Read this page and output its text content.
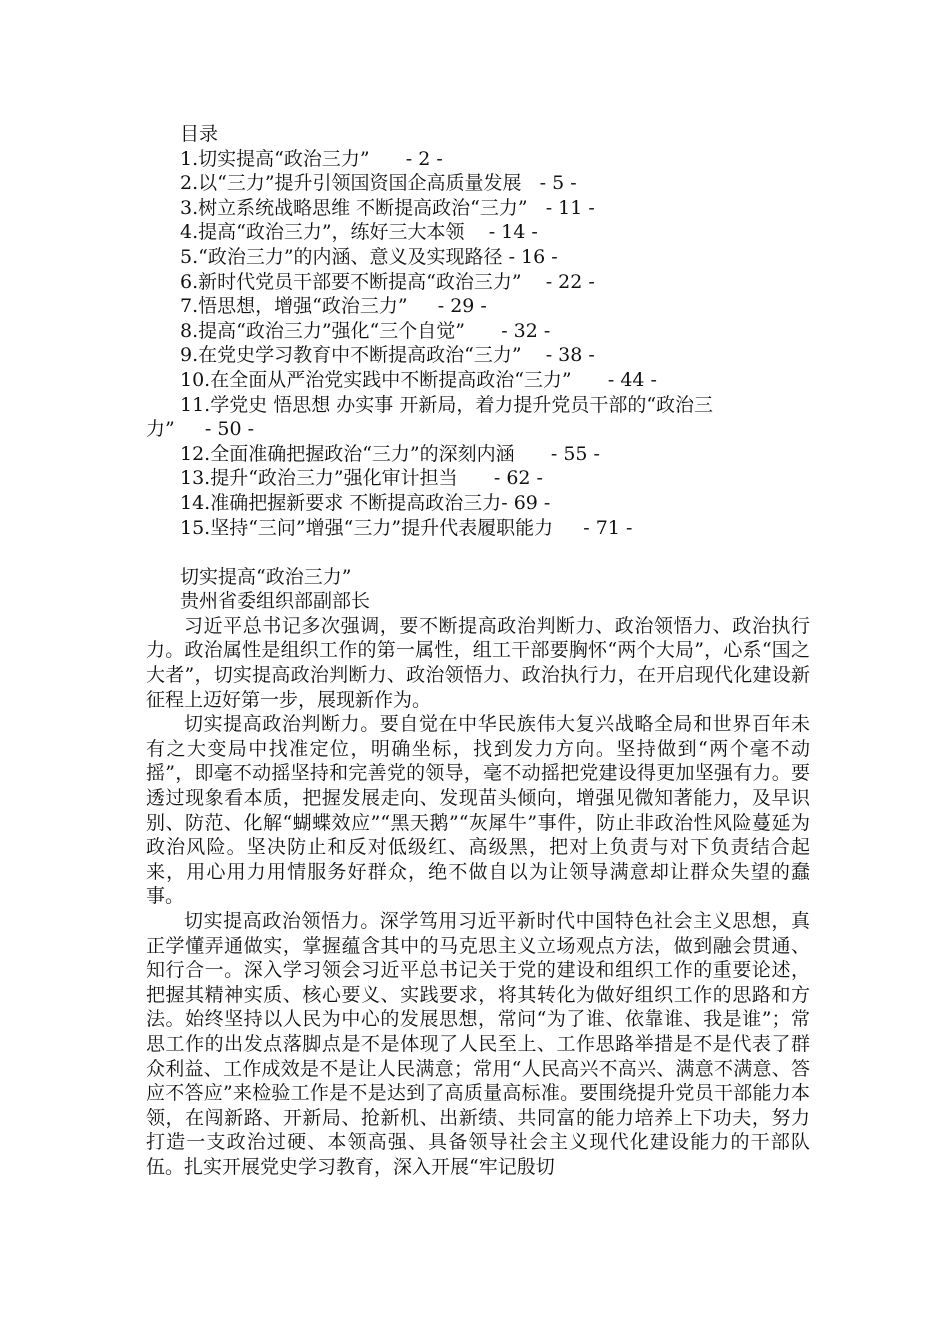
目录
1.切实提高“政治三力”      - 2 -
2.以“三力”提升引领国资国企高质量发展   - 5 -
3.树立系统战略思维 不断提高政治“三力”   - 11 -
4.提高“政治三力”，练好三大本领    - 14 -
5.“政治三力”的内涵、意义及实现路径 - 16 -
6.新时代党员干部要不断提高“政治三力”    - 22 -
7.悟思想，增强“政治三力”     - 29 -
8.提高“政治三力”强化“三个自觉”      - 32 -
9.在党史学习教育中不断提高政治“三力”    - 38 -
10.在全面从严治党实践中不断提高政治“三力”      - 44 -
11.学党史 悟思想 办实事 开新局，着力提升党员干部的“政治三
力”     - 50 -
12.全面准确把握政治“三力”的深刻内涵      - 55 -
13.提升“政治三力”强化审计担当      - 62 -
14.准确把握新要求 不断提高政治三力- 69 -
15.坚持“三问”增强“三力”提升代表履职能力     - 71 -
切实提高“政治三力”
贵州省委组织部副部长

习近平总书记多次强调，要不断提高政治判断力、政治领悟力、政治执行力。政治属性是组织工作的第一属性，组工干部要胸怀“两个大局”，心系“国之大者”，切实提高政治判断力、政治领悟力、政治执行力，在开启现代化建设新征程上迈好第一步，展现新作为。

切实提高政治判断力。要自觉在中华民族伟大复兴战略全局和世界百年未有之大变局中找准定位，明确坐标，找到发力方向。坚持做到“两个毫不动摇”，即毫不动摇坚持和完善党的领导，毫不动摇把党建设得更加坚强有力。要透过现象看本质，把握发展走向、发现苗头倾向，增强见微知著能力，及早识别、防范、化解“蝴蝶效应”“黑天鹅”“灰犀牛”事件，防止非政治性风险蔓延为政治风险。坚决防止和反对低级红、高级黑，把对上负责与对下负责结合起来，用心用力用情服务好群众，绝不做自以为让领导满意却让群众失望的蠢事。

切实提高政治领悟力。深学笃用习近平新时代中国特色社会主义思想，真正学懂弄通做实，掌握蕴含其中的马克思主义立场观点方法，做到融会贯通、知行合一。深入学习领会习近平总书记关于党的建设和组织工作的重要论述，把握其精神实质、核心要义、实践要求，将其转化为做好组织工作的思路和方法。始终坚持以人民为中心的发展思想，常问“为了谁、依靠谁、我是谁”；常思工作的出发点落脚点是不是体现了人民至上、工作思路举措是不是代表了群众利益、工作成效是不是让人民满意；常用“人民高兴不高兴、满意不满意、答应不答应”来检验工作是不是达到了高质量高标准。要围绕提升党员干部能力本领，在闯新路、开新局、抢新机、出新绩、共同富的能力培养上下功夫，努力打造一支政治过硬、本领高强、具备领导社会主义现代化建设能力的干部队伍。扎实开展党史学习教育，深入开展“牢记殷切
